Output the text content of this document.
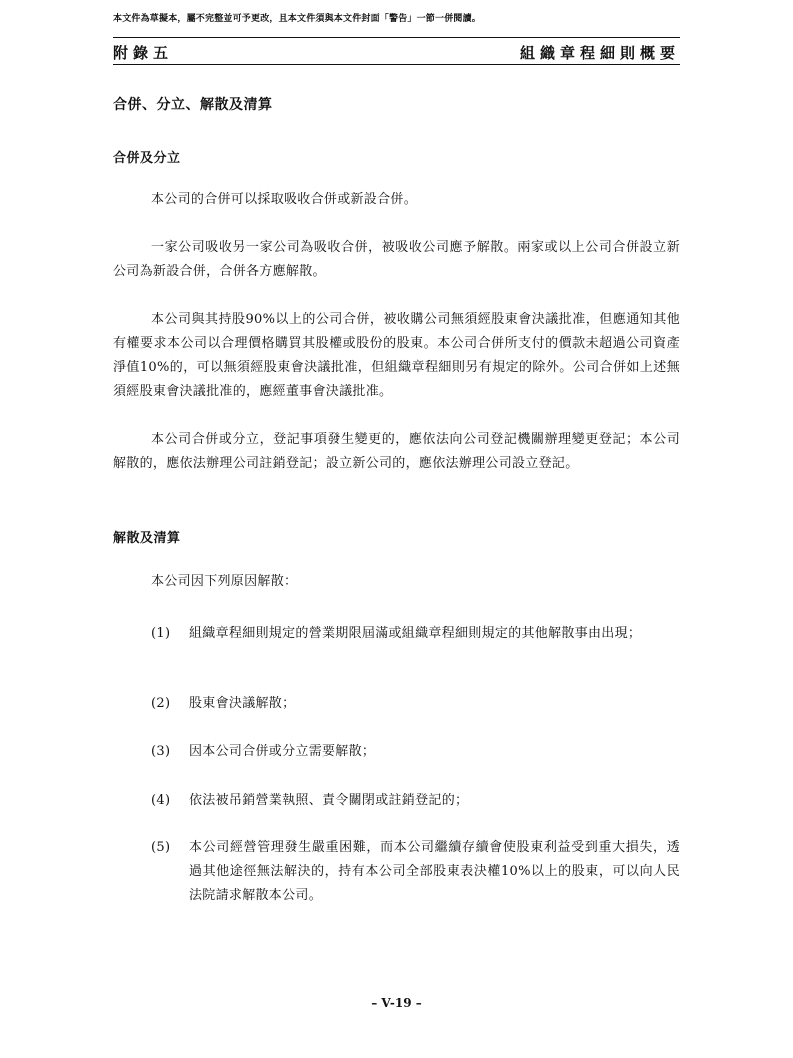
本文件為草擬本，屬不完整並可予更改，且本文件須與本文件封面「警告」一節一併閱讀。
附錄五	組織章程細則概要
合併、分立、解散及清算
合併及分立
本公司的合併可以採取吸收合併或新設合併。
一家公司吸收另一家公司為吸收合併，被吸收公司應予解散。兩家或以上公司合併設立新公司為新設合併，合併各方應解散。
本公司與其持股90%以上的公司合併，被收購公司無須經股東會決議批准，但應通知其他有權要求本公司以合理價格購買其股權或股份的股東。本公司合併所支付的價款未超過公司資產淨值10%的，可以無須經股東會決議批准，但組織章程細則另有規定的除外。公司合併如上述無須經股東會決議批准的，應經董事會決議批准。
本公司合併或分立，登記事項發生變更的，應依法向公司登記機關辦理變更登記；本公司解散的，應依法辦理公司註銷登記；設立新公司的，應依法辦理公司設立登記。
解散及清算
本公司因下列原因解散：
(1) 組織章程細則規定的營業期限屆滿或組織章程細則規定的其他解散事由出現；
(2) 股東會決議解散；
(3) 因本公司合併或分立需要解散；
(4) 依法被吊銷營業執照、責令關閉或註銷登記的；
(5) 本公司經營管理發生嚴重困難，而本公司繼續存續會使股東利益受到重大損失，透過其他途徑無法解決的，持有本公司全部股東表決權10%以上的股東，可以向人民法院請求解散本公司。
– V-19 –
